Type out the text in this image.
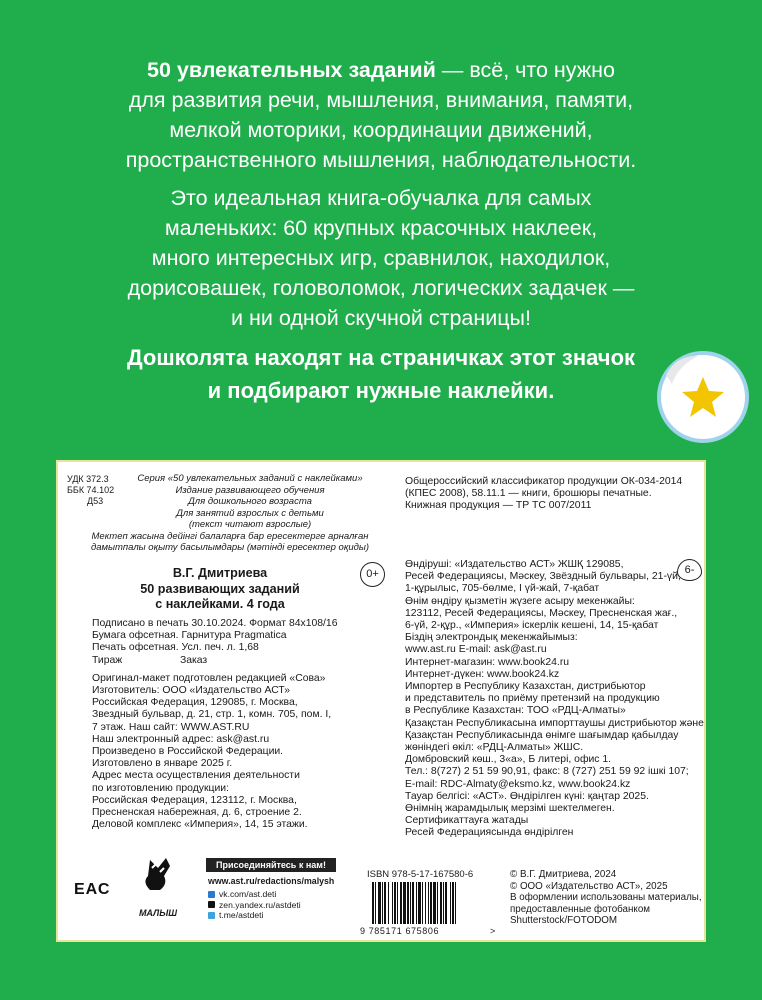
50 увлекательных заданий — всё, что нужно
для развития речи, мышления, внимания, памяти,
мелкой моторики, координации движений,
пространственного мышления, наблюдательности.
Это идеальная книга-обучалка для самых
маленьких: 60 крупных красочных наклеек,
много интересных игр, сравнилок, находилок,
дорисовашек, головоломок, логических задачек —
и ни одной скучной страницы!
Дошколята находят на страничках этот значок
и подбирают нужные наклейки.
УДК 372.3
ББК 74.102
Д53
Серия «50 увлекательных заданий с наклейками»
Издание развивающего обучения
Для дошкольного возраста
Для занятий взрослых с детьми
(текст читают взрослые)
Мектеп жасына дейінгі балаларға бар ересектерге арналған
дамытпалы оқыту басылымдары (мәтінді ересектер оқиды)
Общероссийский классификатор продукции ОК-034-2014
(КПЕС 2008), 58.11.1 — книги, брошюры печатные.
Книжная продукция — ТР ТС 007/2011
0+
В.Г. Дмитриева
50 развивающих заданий
с наклейками. 4 года
Подписано в печать 30.10.2024. Формат 84х108/16
Бумага офсетная. Гарнитура Pragmatica
Печать офсетная. Усл. печ. л. 1,68
Тираж                    Заказ
Оригинал-макет подготовлен редакцией «Сова»
Изготовитель: ООО «Издательство АСТ»
Российская Федерация, 129085, г. Москва,
Звездный бульвар, д. 21, стр. 1, комн. 705, пом. I,
7 этаж. Наш сайт: WWW.AST.RU
Наш электронный адрес: ask@ast.ru
Произведено в Российской Федерации.
Изготовлено в январе 2025 г.
Адрес места осуществления деятельности
по изготовлению продукции:
Российская Федерация, 123112, г. Москва,
Пресненская набережная, д. 6, строение 2.
Деловой комплекс «Империя», 14, 15 этажи.
Өндіруші: «Издательство АСТ» ЖШҚ 129085,
Ресей Федерациясы, Мәскеу, Звёздный бульвары, 21-үй,
1-құрылыс, 705-бөлме, I үй-жай, 7-қабат
Өнім өндіру қызметін жүзеге асыру мекенжайы:
123112, Ресей Федерациясы, Мәскеу, Пресненская жағ.,
6-үй, 2-құр., «Империя» іскерлік кешені, 14, 15-қабат
Біздің электрондық мекенжайымыз:
www.ast.ru E-mail: ask@ast.ru
Интернет-магазин: www.book24.ru
Интернет-дүкен: www.book24.kz
Импортер в Республику Казахстан, дистрибьютор
и представитель по приёму претензий на продукцию
в Республике Казахстан: ТОО «РДЦ-Алматы»
Қазақстан Республикасына импорттаушы дистрибьютор және
Қазақстан Республикасында өнімге шағымдар қабылдау
жөніндегі өкіл: «РДЦ-Алматы» ЖШС.
Домбровский көш., 3«а», Б литері, офис 1.
Тел.: 8(727) 2 51 59 90,91, факс: 8 (727) 251 59 92 ішкі 107;
E-mail: RDC-Almaty@eksmo.kz, www.book24.kz
Тауар белгісі: «АСТ». Өндірілген күні: қаңтар 2025.
Өнімнің жарамдылық мерзімі шектелмеген.
Сертификаттауға жатады
Ресей Федерациясында өндірілген
6-
ЕАС
МАЛЫШ
Присоединяйтесь к нам!
www.ast.ru/redactions/malysh
vk.com/ast.deti
zen.yandex.ru/astdeti
t.me/astdeti
ISBN 978-5-17-167580-6
9 785171 675806	>
© В.Г. Дмитриева, 2024
© ООО «Издательство АСТ», 2025
В оформлении использованы материалы,
предоставленные фотобанком
Shutterstock/FOTODOM
